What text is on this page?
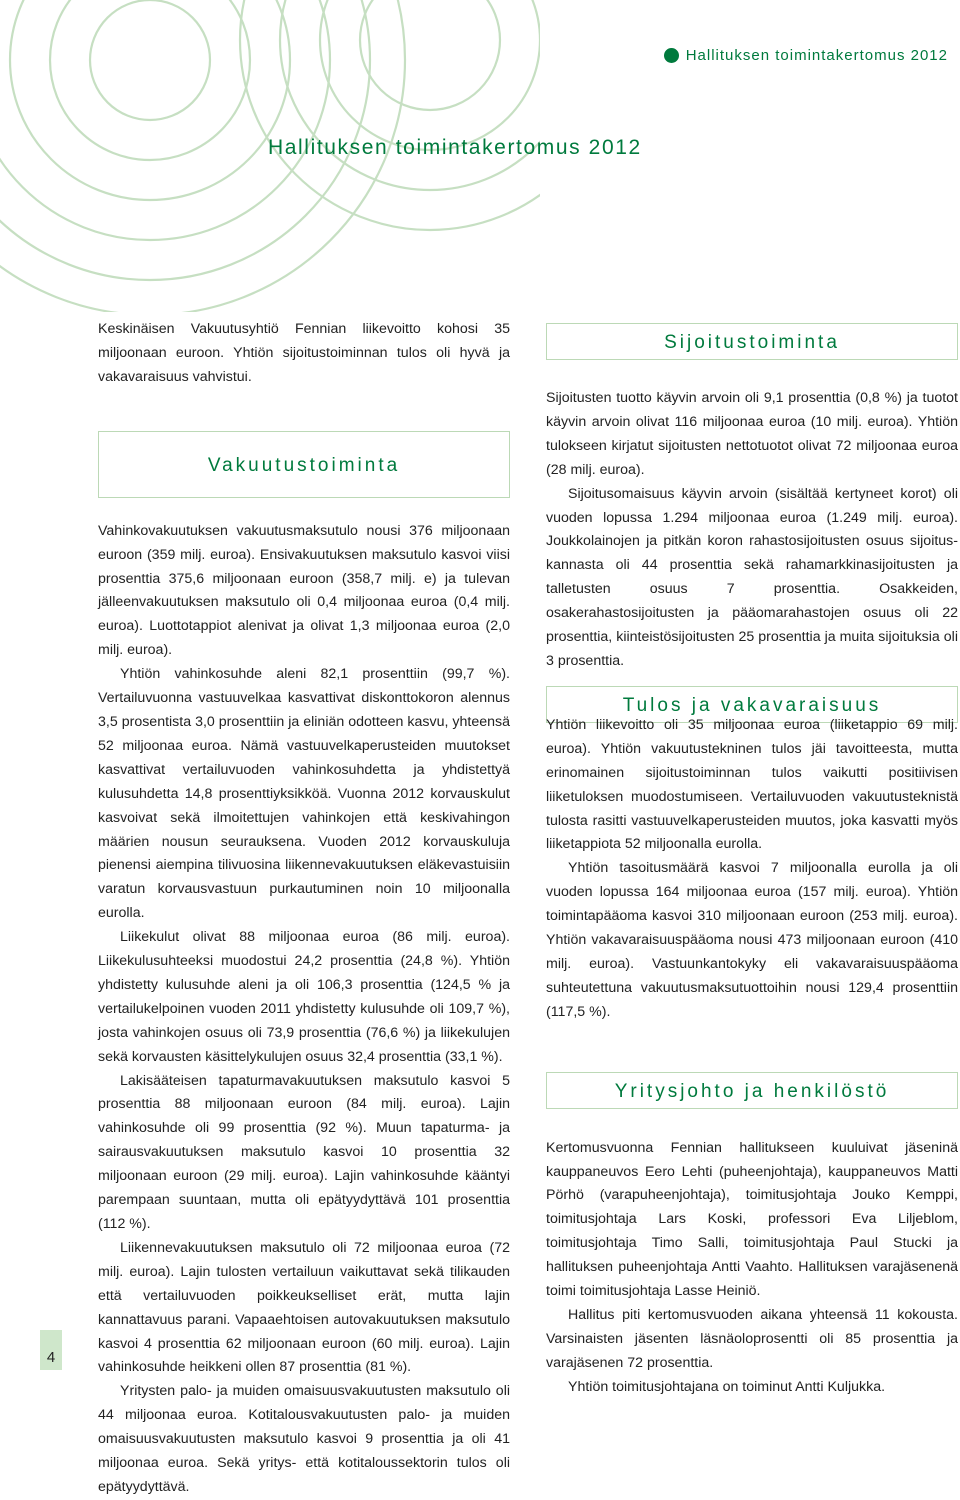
Hallituksen toimintakertomus 2012
Hallituksen toimintakertomus 2012

Keskinäisen Vakuutusyhtiö Fennian liikevoitto kohosi 35 miljoonaan euroon. Yhtiön sijoitustoiminnan tulos oli hyvä ja vakavaraisuus vahvistui.

Vakuutustoiminta

Vahinkovakuutuksen vakuutusmaksutulo nousi 376 miljoonaan euroon (359 milj. euroa). Ensivakuutuksen maksutulo kasvoi viisi prosenttia 375,6 miljoonaan euroon (358,7 milj. e) ja tulevan jälleenvakuutuksen maksutulo oli 0,4 miljoonaa euroa (0,4 milj. euroa). Luottotappiot alenivat ja olivat 1,3 miljoonaa euroa (2,0 milj. euroa).

Yhtiön vahinkosuhde aleni 82,1 prosenttiin (99,7 %). Vertailuvuonna vastuuvelkaa kasvattivat diskonttokoron alennus 3,5 prosentista 3,0 prosenttiin ja eliniän odotteen kasvu, yhteensä 52 miljoonaa euroa. Nämä vastuuvelkaperusteiden muutokset kasvattivat vertailuvuoden vahinkosuhdetta ja yhdistettyä kulusuhdetta 14,8 prosenttiyksikköä. Vuonna 2012 korvauskulut kasvoivat sekä ilmoitettujen vahinkojen että keskivahingon määrien nousun seurauksena. Vuoden 2012 korvauskuluja pienensi aiempina tilivuosina liikennevakuutuksen eläkevastuisiin varatun korvausvastuun purkautuminen noin 10 miljoonalla eurolla.

Liikekulut olivat 88 miljoonaa euroa (86 milj. euroa). Liikekulusuhteeksi muodostui 24,2 prosenttia (24,8 %). Yhtiön yhdistetty kulusuhde aleni ja oli 106,3 prosenttia (124,5 % ja vertailukelpoinen vuoden 2011 yhdistetty kulusuhde oli 109,7 %), josta vahinkojen osuus oli 73,9 prosenttia (76,6 %) ja liikekulujen sekä korvausten käsittelykulujen osuus 32,4 prosenttia (33,1 %).

Lakisääteisen tapaturmavakuutuksen maksutulo kasvoi 5 prosenttia 88 miljoonaan euroon (84 milj. euroa). Lajin vahinkosuhde oli 99 prosenttia (92 %). Muun tapaturma- ja sairausvakuutuksen maksutulo kasvoi 10 prosenttia 32 miljoonaan euroon (29 milj. euroa). Lajin vahinkosuhde kääntyi parempaan suuntaan, mutta oli epätyydyttävä 101 prosenttia (112 %).

Liikennevakuutuksen maksutulo oli 72 miljoonaa euroa (72 milj. euroa). Lajin tulosten vertailuun vaikuttavat sekä tilikauden että vertailuvuoden poikkeukselliset erät, mutta lajin kannattavuus parani. Vapaaehtoisen autovakuutuksen maksutulo kasvoi 4 prosenttia 62 miljoonaan euroon (60 milj. euroa). Lajin vahinkosuhde heikkeni ollen 87 prosenttia (81 %).

Yritysten palo- ja muiden omaisuusvakuutusten maksutulo oli 44 miljoonaa euroa. Kotitalousvakuutusten palo- ja muiden omaisuusvakuutusten maksutulo kasvoi 9 prosenttia ja oli 41 miljoonaa euroa. Sekä yritys- että kotitaloussektorin tulos oli epätyydyttävä.

Sijoitustoiminta
Tulos ja vakavaraisuus
Yritysjohto ja henkilöstö

Sijoitusten tuotto käyvin arvoin oli 9,1 prosenttia (0,8 %) ja tuotot käyvin arvoin olivat 116 miljoonaa euroa (10 milj. euroa). Yhtiön tulokseen kirjatut sijoitusten nettotuotot olivat 72 miljoonaa euroa (28 milj. euroa).

Sijoitusomaisuus käyvin arvoin (sisältää kertyneet korot) oli vuoden lopussa 1.294 miljoonaa euroa (1.249 milj. euroa). Joukkolainojen ja pitkän koron rahastosijoitusten osuus sijoitus-kannasta oli 44 prosenttia sekä rahamarkkinasijoitusten ja talletusten osuus 7 prosenttia. Osakkeiden, osakerahastosijoitusten ja pääomarahastojen osuus oli 22 prosenttia, kiinteistösijoitusten 25 prosenttia ja muita sijoituksia oli 3 prosenttia.

Yhtiön liikevoitto oli 35 miljoonaa euroa (liiketappio 69 milj. euroa). Yhtiön vakuutustekninen tulos jäi tavoitteesta, mutta erinomainen sijoitustoiminnan tulos vaikutti positiivisen liiketuloksen muodostumiseen. Vertailuvuoden vakuutusteknistä tulosta rasitti vastuuvelkaperusteiden muutos, joka kasvatti myös liiketappiota 52 miljoonalla eurolla.

Yhtiön tasoitusmäärä kasvoi 7 miljoonalla eurolla ja oli vuoden lopussa 164 miljoonaa euroa (157 milj. euroa). Yhtiön toimintapääoma kasvoi 310 miljoonaan euroon (253 milj. euroa). Yhtiön vakavaraisuuspääoma nousi 473 miljoonaan euroon (410 milj. euroa). Vastuunkantokyky eli vakavaraisuuspääoma suhteutettuna vakuutusmaksutuottoihin nousi 129,4 prosenttiin (117,5 %).

Kertomusvuonna Fennian hallitukseen kuuluivat jäseninä kauppaneuvos Eero Lehti (puheenjohtaja), kauppaneuvos Matti Pörhö (varapuheenjohtaja), toimitusjohtaja Jouko Kemppi, toimitusjohtaja Lars Koski, professori Eva Liljeblom, toimitusjohtaja Timo Salli, toimitusjohtaja Paul Stucki ja hallituksen puheenjohtaja Antti Vaahto. Hallituksen varajäsenenä toimi toimitusjohtaja Lasse Heiniö.

Hallitus piti kertomusvuoden aikana yhteensä 11 kokousta. Varsinaisten jäsenten läsnäoloprosentti oli 85 prosenttia ja varajäsenen 72 prosenttia.

Yhtiön toimitusjohtajana on toiminut Antti Kuljukka.

4
